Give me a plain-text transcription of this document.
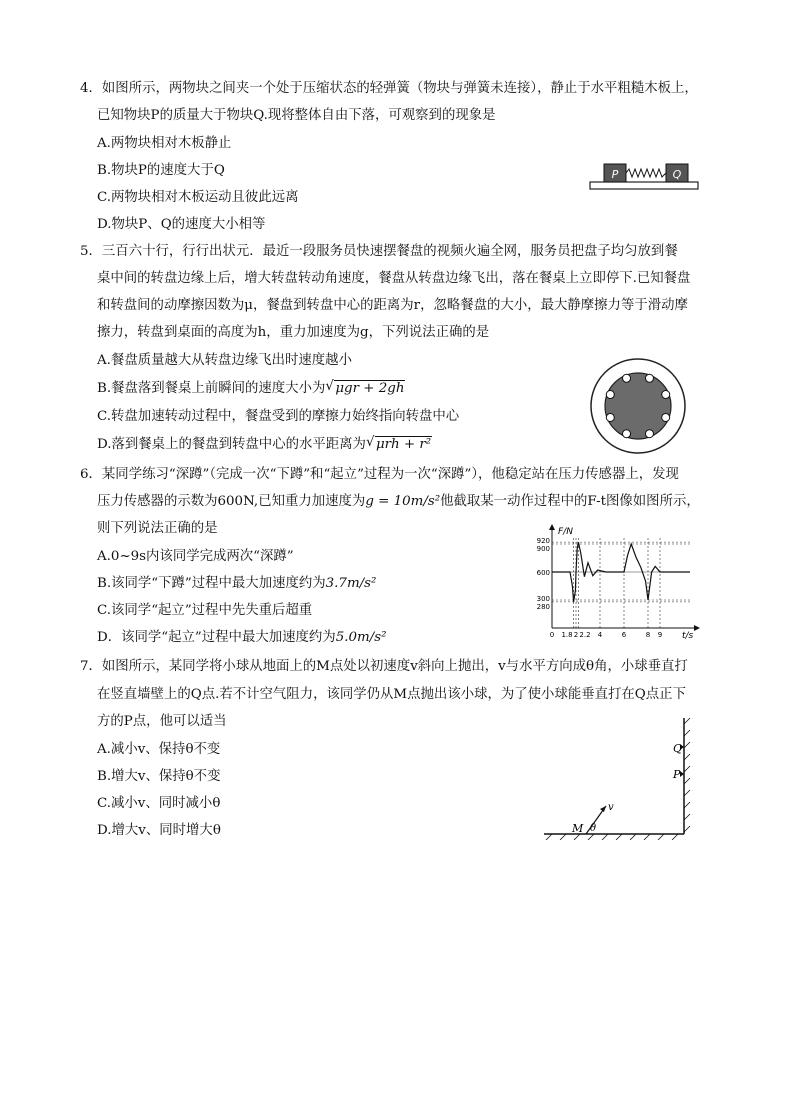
4．如图所示，两物块之间夹一个处于压缩状态的轻弹簧（物块与弹簧未连接），静止于水平粗糙木板上，
已知物块P的质量大于物块Q.现将整体自由下落，可观察到的现象是
A.两物块相对木板静止
B.物块P的速度大于Q
C.两物块相对木板运动且彼此远离
D.物块P、Q的速度大小相等
P	Q
5．三百六十行，行行出状元．最近一段服务员快速摆餐盘的视频火遍全网，服务员把盘子均匀放到餐
桌中间的转盘边缘上后，增大转盘转动角速度，餐盘从转盘边缘飞出，落在餐桌上立即停下.已知餐盘
和转盘间的动摩擦因数为μ，餐盘到转盘中心的距离为r，忽略餐盘的大小，最大静摩擦力等于滑动摩
擦力，转盘到桌面的高度为h，重力加速度为g，下列说法正确的是
A.餐盘质量越大从转盘边缘飞出时速度越小
B.餐盘落到餐桌上前瞬间的速度大小为 √ μgr + 2gh
C.转盘加速转动过程中，餐盘受到的摩擦力始终指向转盘中心
D.落到餐桌上的餐盘到转盘中心的水平距离为 √ μrh + r²
6．某同学练习“深蹲”（完成一次“下蹲”和“起立”过程为一次“深蹲”），他稳定站在压力传感器上，发现
压力传感器的示数为600N,已知重力加速度为g = 10m/s²他截取某一动作过程中的F-t图像如图所示，
则下列说法正确的是
A.0~9s内该同学完成两次“深蹲”
B.该同学“下蹲”过程中最大加速度约为3.7m/s²
C.该同学“起立”过程中先失重后超重
D．该同学“起立”过程中最大加速度约为5.0m/s²
F/N
t/s
920
900
600
300
280
0 1.8 2 2.2 4	6	8 9
7．如图所示，某同学将小球从地面上的M点处以初速度v斜向上抛出，v与水平方向成θ角，小球垂直打
在竖直墙壁上的Q点.若不计空气阻力，该同学仍从M点抛出该小球，为了使小球能垂直打在Q点正下
方的P点，他可以适当
A.减小v、保持θ不变
B.增大v、保持θ不变
C.减小v、同时减小θ
D.增大v、同时增大θ
Q
P
M θ
v
